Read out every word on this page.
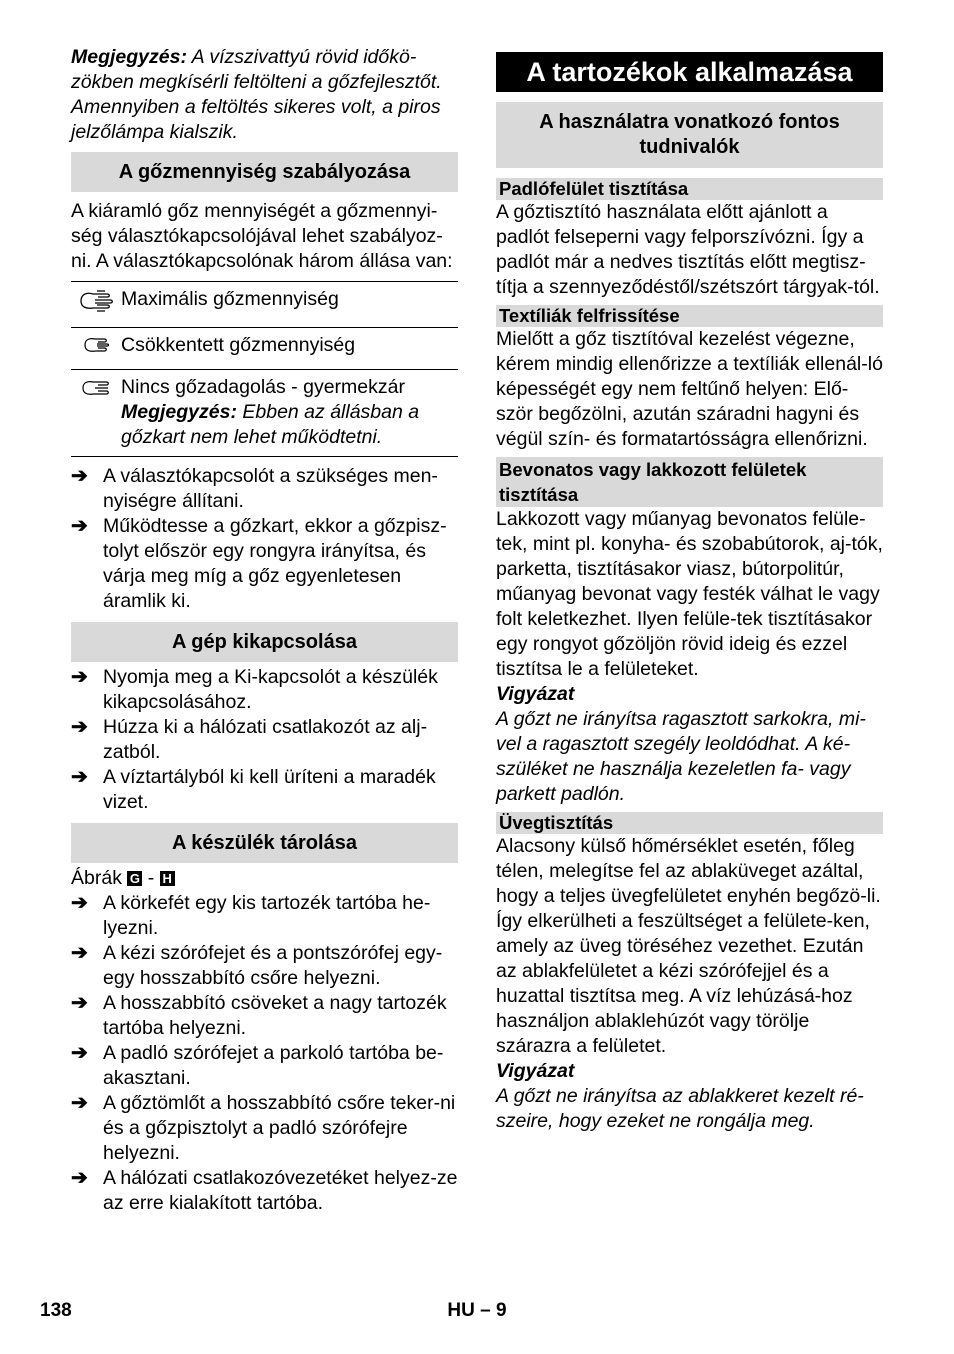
Megjegyzés: A vízszivattyú rövid időkö-zökben megkísérli feltölteni a gőzfejlesztőt. Amennyiben a feltöltés sikeres volt, a piros jelzőlámpa kialszik.

A gőzmennyiség szabályozása

A kiáramló gőz mennyiségét a gőzmennyi-ség választókapcsolójával lehet szabályoz-ni. A választókapcsolónak három állása van:

	Maximális gőzmennyiség
	Csökkentett gőzmennyiség

Nincs gőzadagolás - gyermekzár
Megjegyzés: Ebben az állásban a gőzkart nem lehet működtetni.
➔ A választókapcsolót a szükséges men-nyiségre állítani.
➔ Működtesse a gőzkart, ekkor a gőzpisz-tolyt először egy rongyra irányítsa, és várja meg míg a gőz egyenletesen áramlik ki.
A gép kikapcsolása
➔ Nyomja meg a Ki-kapcsolót a készülék kikapcsolásához.
➔ Húzza ki a hálózati csatlakozót az alj-zatból.
➔ A víztartályból ki kell üríteni a maradék vizet.
A készülék tárolása

Ábrák G - H

➔ A körkefét egy kis tartozék tartóba he-lyezni.
➔ A kézi szórófejet és a pontszórófej egy-egy hosszabbító csőre helyezni.
➔ A hosszabbító csöveket a nagy tartozék tartóba helyezni.
➔ A padló szórófejet a parkoló tartóba be-akasztani.
➔ A gőztömlőt a hosszabbító csőre teker-ni és a gőzpisztolyt a padló szórófejre helyezni.
➔ A hálózati csatlakozóvezetéket helyez-ze az erre kialakított tartóba.
A tartozékok alkalmazása
A használatra vonatkozó fontos tudnivalók
Padlófelület tisztítása

A gőztisztító használata előtt ajánlott a padlót felseperni vagy felporszívózni. Így a padlót már a nedves tisztítás előtt megtisz-títja a szennyeződéstől/szétszórt tárgyak-tól.

Textíliák felfrissítése

Mielőtt a gőz tisztítóval kezelést végezne, kérem mindig ellenőrizze a textíliák ellenál-ló képességét egy nem feltűnő helyen: Elő-ször begőzölni, azután száradni hagyni és végül szín- és formatartósságra ellenőrizni.

Bevonatos vagy lakkozott felületek tisztítása

Lakkozott vagy műanyag bevonatos felüle-tek, mint pl. konyha- és szobabútorok, aj-tók, parketta, tisztításakor viasz, bútorpolitúr, műanyag bevonat vagy festék válhat le vagy folt keletkezhet. Ilyen felüle-tek tisztításakor egy rongyot gőzöljön rövid ideig és ezzel tisztítsa le a felületeket.

Vigyázat

A gőzt ne irányítsa ragasztott sarkokra, mi-vel a ragasztott szegély leoldódhat. A ké-szüléket ne használja kezeletlen fa- vagy parkett padlón.

Üvegtisztítás

Alacsony külső hőmérséklet esetén, főleg télen, melegítse fel az ablaküveget azáltal, hogy a teljes üvegfelületet enyhén begőzö-li. Így elkerülheti a feszültséget a felülete-ken, amely az üveg töréséhez vezethet. Ezután az ablakfelületet a kézi szórófejjel és a huzattal tisztítsa meg. A víz lehúzásá-hoz használjon ablaklehúzót vagy törölje szárazra a felületet.

Vigyázat

A gőzt ne irányítsa az ablakkeret kezelt ré-szeire, hogy ezeket ne rongálja meg.

138	HU – 9
